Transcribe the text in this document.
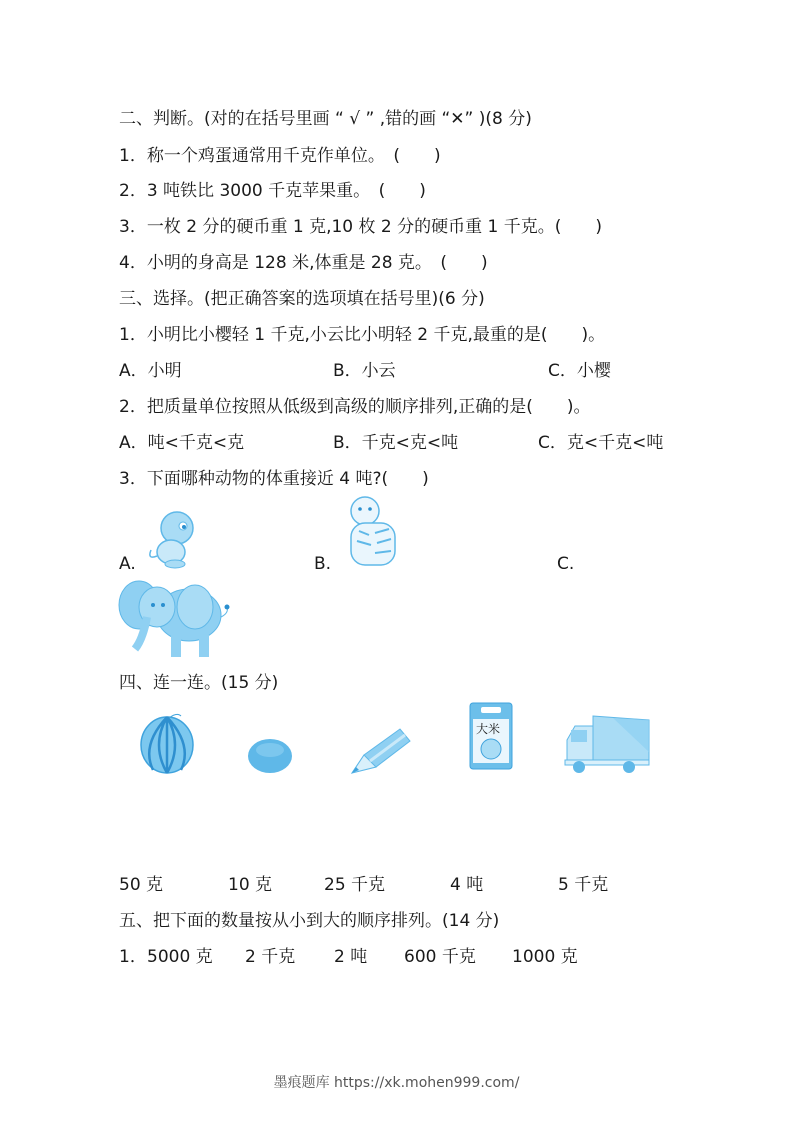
二、判断。(对的在括号里画 “ √ ” ,错的画 “✕” )(8 分)
1．称一个鸡蛋通常用千克作单位。　(　　)
2．3 吨铁比 3000 千克苹果重。　(　　)
3．一枚 2 分的硬币重 1 克,10 枚 2 分的硬币重 1 千克。(　　)
4．小明的身高是 128 米,体重是 28 克。　(　　)
三、选择。(把正确答案的选项填在括号里)(6 分)
1．小明比小樱轻 1 千克,小云比小明轻 2 千克,最重的是(　　)。
A．小明	B．小云	C．小樱
2．把质量单位按照从低级到高级的顺序排列,正确的是(　　)。
A．吨<千克<克	B．千克<克<吨	C．克<千克<吨
3．下面哪种动物的体重接近 4 吨?(　　)
A.	B.	C.
四、连一连。(15 分)
大米
50 克	10 克	25 千克	4 吨	5 千克
五、把下面的数量按从小到大的顺序排列。(14 分)
1． 5000 克 2 千克 2 吨 600 千克 1000 克
墨痕题库 https://xk.mohen999.com/
